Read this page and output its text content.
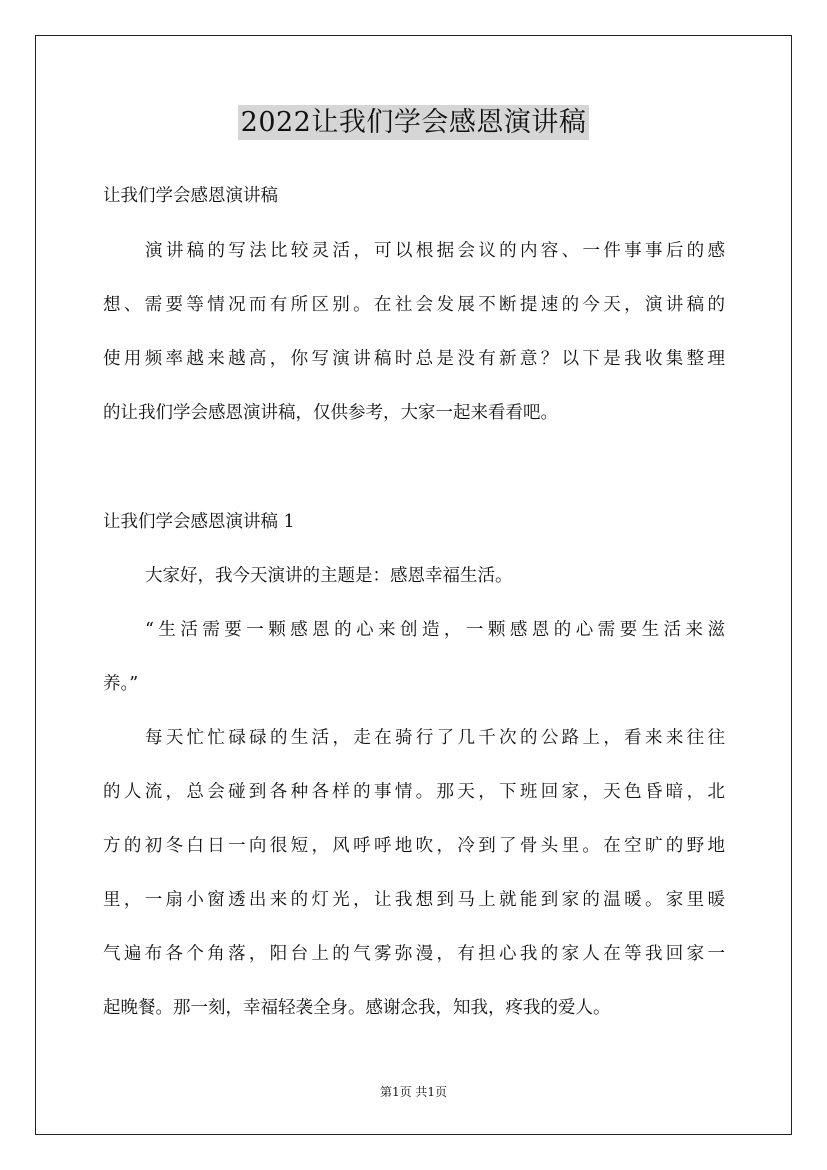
2022让我们学会感恩演讲稿
让我们学会感恩演讲稿
演讲稿的写法比较灵活，可以根据会议的内容、一件事事后的感
想、需要等情况而有所区别。在社会发展不断提速的今天，演讲稿的
使用频率越来越高，你写演讲稿时总是没有新意？以下是我收集整理
的让我们学会感恩演讲稿，仅供参考，大家一起来看看吧。
让我们学会感恩演讲稿 1
大家好，我今天演讲的主题是：感恩幸福生活。
“生活需要一颗感恩的心来创造，一颗感恩的心需要生活来滋
养。”
每天忙忙碌碌的生活，走在骑行了几千次的公路上，看来来往往
的人流，总会碰到各种各样的事情。那天，下班回家，天色昏暗，北
方的初冬白日一向很短，风呼呼地吹，冷到了骨头里。在空旷的野地
里，一扇小窗透出来的灯光，让我想到马上就能到家的温暖。家里暖
气遍布各个角落，阳台上的气雾弥漫，有担心我的家人在等我回家一
起晚餐。那一刻，幸福轻袭全身。感谢念我，知我，疼我的爱人。
第1页 共1页
